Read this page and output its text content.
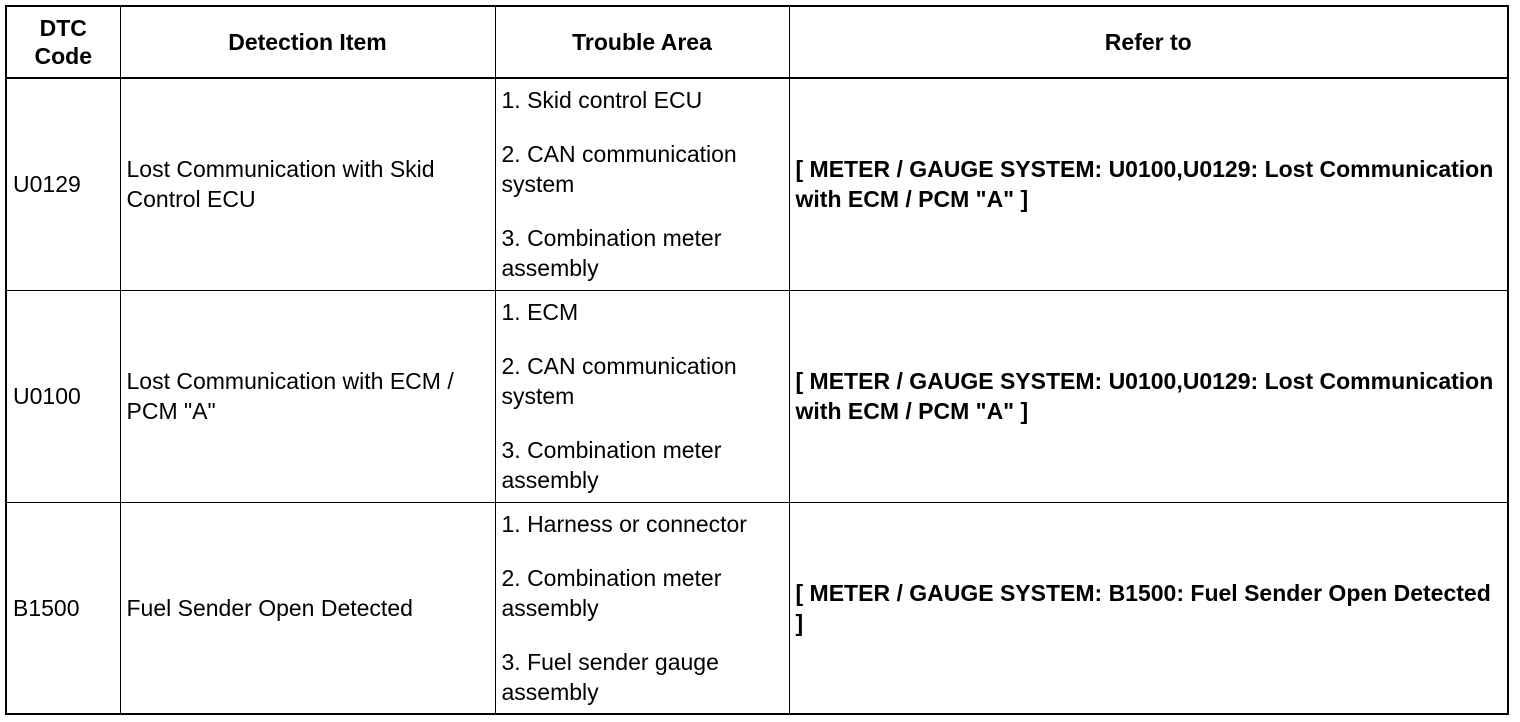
DTC
Code	Detection Item	Trouble Area	Refer to
U0129	Lost Communication with Skid Control ECU	1. Skid control ECU
2. CAN communication system
3. Combination meter assembly	[ METER / GAUGE SYSTEM: U0100,U0129: Lost Communication with ECM / PCM "A" ]
U0100	Lost Communication with ECM / PCM "A"	1. ECM
2. CAN communication system
3. Combination meter assembly	[ METER / GAUGE SYSTEM: U0100,U0129: Lost Communication with ECM / PCM "A" ]
B1500	Fuel Sender Open Detected	1. Harness or connector
2. Combination meter assembly
3. Fuel sender gauge assembly	[ METER / GAUGE SYSTEM: B1500: Fuel Sender Open Detected ]
